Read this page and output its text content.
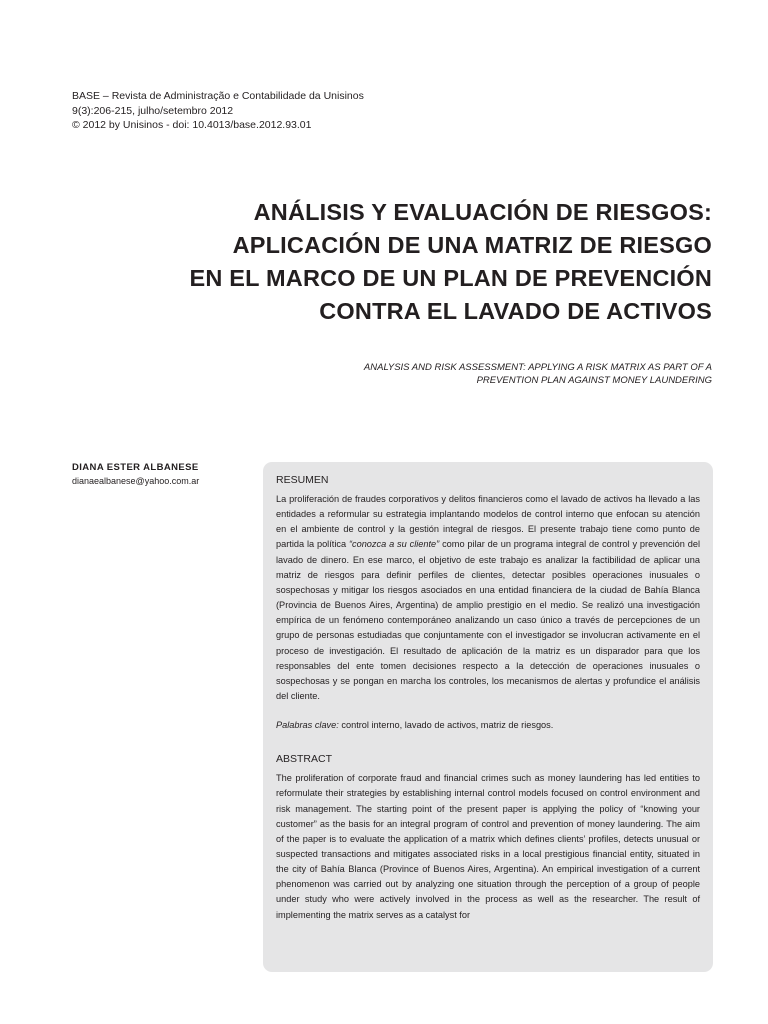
BASE – Revista de Administração e Contabilidade da Unisinos
9(3):206-215, julho/setembro 2012
© 2012 by Unisinos - doi: 10.4013/base.2012.93.01
ANÁLISIS Y EVALUACIÓN DE RIESGOS:
APLICACIÓN DE UNA MATRIZ DE RIESGO
EN EL MARCO DE UN PLAN DE PREVENCIÓN
CONTRA EL LAVADO DE ACTIVOS
ANALYSIS AND RISK ASSESSMENT: APPLYING A RISK MATRIX AS PART OF A
PREVENTION PLAN AGAINST MONEY LAUNDERING
DIANA ESTER ALBANESE
dianaealbanese@yahoo.com.ar	RESUMEN

La proliferación de fraudes corporativos y delitos financieros como el lavado de activos ha llevado a las entidades a reformular su estrategia implantando modelos de control interno que enfocan su atención en el ambiente de control y la gestión integral de riesgos. El presente trabajo tiene como punto de partida la política “conozca a su cliente” como pilar de un programa integral de control y prevención del lavado de dinero. En ese marco, el objetivo de este trabajo es analizar la factibilidad de aplicar una matriz de riesgos para definir perfiles de clientes, detectar posibles operaciones inusuales o sospechosas y mitigar los riesgos asociados en una entidad financiera de la ciudad de Bahía Blanca (Provincia de Buenos Aires, Argentina) de amplio prestigio en el medio. Se realizó una investigación empírica de un fenómeno contemporáneo analizando un caso único a través de percepciones de un grupo de personas estudiadas que conjuntamente con el investigador se involucran activamente en el proceso de investigación. El resultado de aplicación de la matriz es un disparador para que los responsables del ente tomen decisiones respecto a la detección de operaciones inusuales o sospechosas y se pongan en marcha los controles, los mecanismos de alertas y profundice el análisis del cliente.

Palabras clave: control interno, lavado de activos, matriz de riesgos.

ABSTRACT

The proliferation of corporate fraud and financial crimes such as money laundering has led entities to reformulate their strategies by establishing internal control models focused on control environment and risk management. The starting point of the present paper is applying the policy of “knowing your customer” as the basis for an integral program of control and prevention of money laundering. The aim of the paper is to evaluate the application of a matrix which defines clients’ profiles, detects unusual or suspected transactions and mitigates associated risks in a local prestigious financial entity, situated in the city of Bahía Blanca (Province of Buenos Aires, Argentina). An empirical investigation of a current phenomenon was carried out by analyzing one situation through the perception of a group of people under study who were actively involved in the process as well as the researcher. The result of implementing the matrix serves as a catalyst for
